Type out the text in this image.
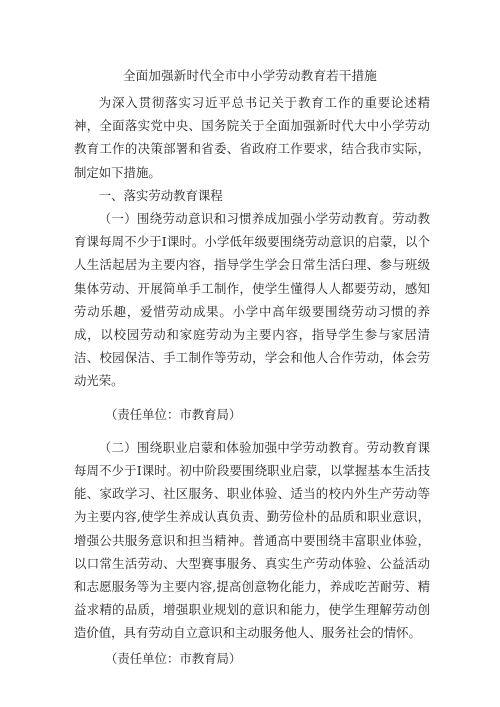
全面加强新时代全市中小学劳动教育若干措施

为深入贯彻落实习近平总书记关于教育工作的重要论述精神，全面落实党中央、国务院关于全面加强新时代大中小学劳动教育工作的决策部署和省委、省政府工作要求，结合我市实际，制定如下措施。

一、落实劳动教育课程

（一）围绕劳动意识和习惯养成加强小学劳动教育。劳动教育课每周不少于I课时。小学低年级要围绕劳动意识的启蒙，以个人生活起居为主要内容，指导学生学会日常生活臼理、参与班级集体劳动、开展简单手工制作，使学生懂得人人都要劳动，感知劳动乐趣，爱惜劳动成果。小学中高年级要围绕劳动习惯的养成，以校园劳动和家庭劳动为主要内容，指导学生参与家居清洁、校园保洁、手工制作等劳动，学会和他人合作劳动，体会劳动光荣。

（责任单位：市教育局）

（二）围绕职业启蒙和体验加强中学劳动教育。劳动教育课每周不少于I课时。初中阶段要围绕职业启蒙，以掌握基本生活技能、家政学习、社区服务、职业体验、适当的校内外生产劳动等为主要内容,使学生养成认真负责、勤劳俭朴的品质和职业意识，增强公共服务意识和担当精神。普通高中要围绕丰富职业体验，以口常生活劳动、大型赛事服务、真实生产劳动体验、公益活动和志愿服务等为主要内容,提高创意物化能力，养成吃苦耐劳、精益求精的品质，增强职业规划的意识和能力，使学生理解劳动创造价值，具有劳动自立意识和主动服务他人、服务社会的情怀。

（责任单位：市教育局）
